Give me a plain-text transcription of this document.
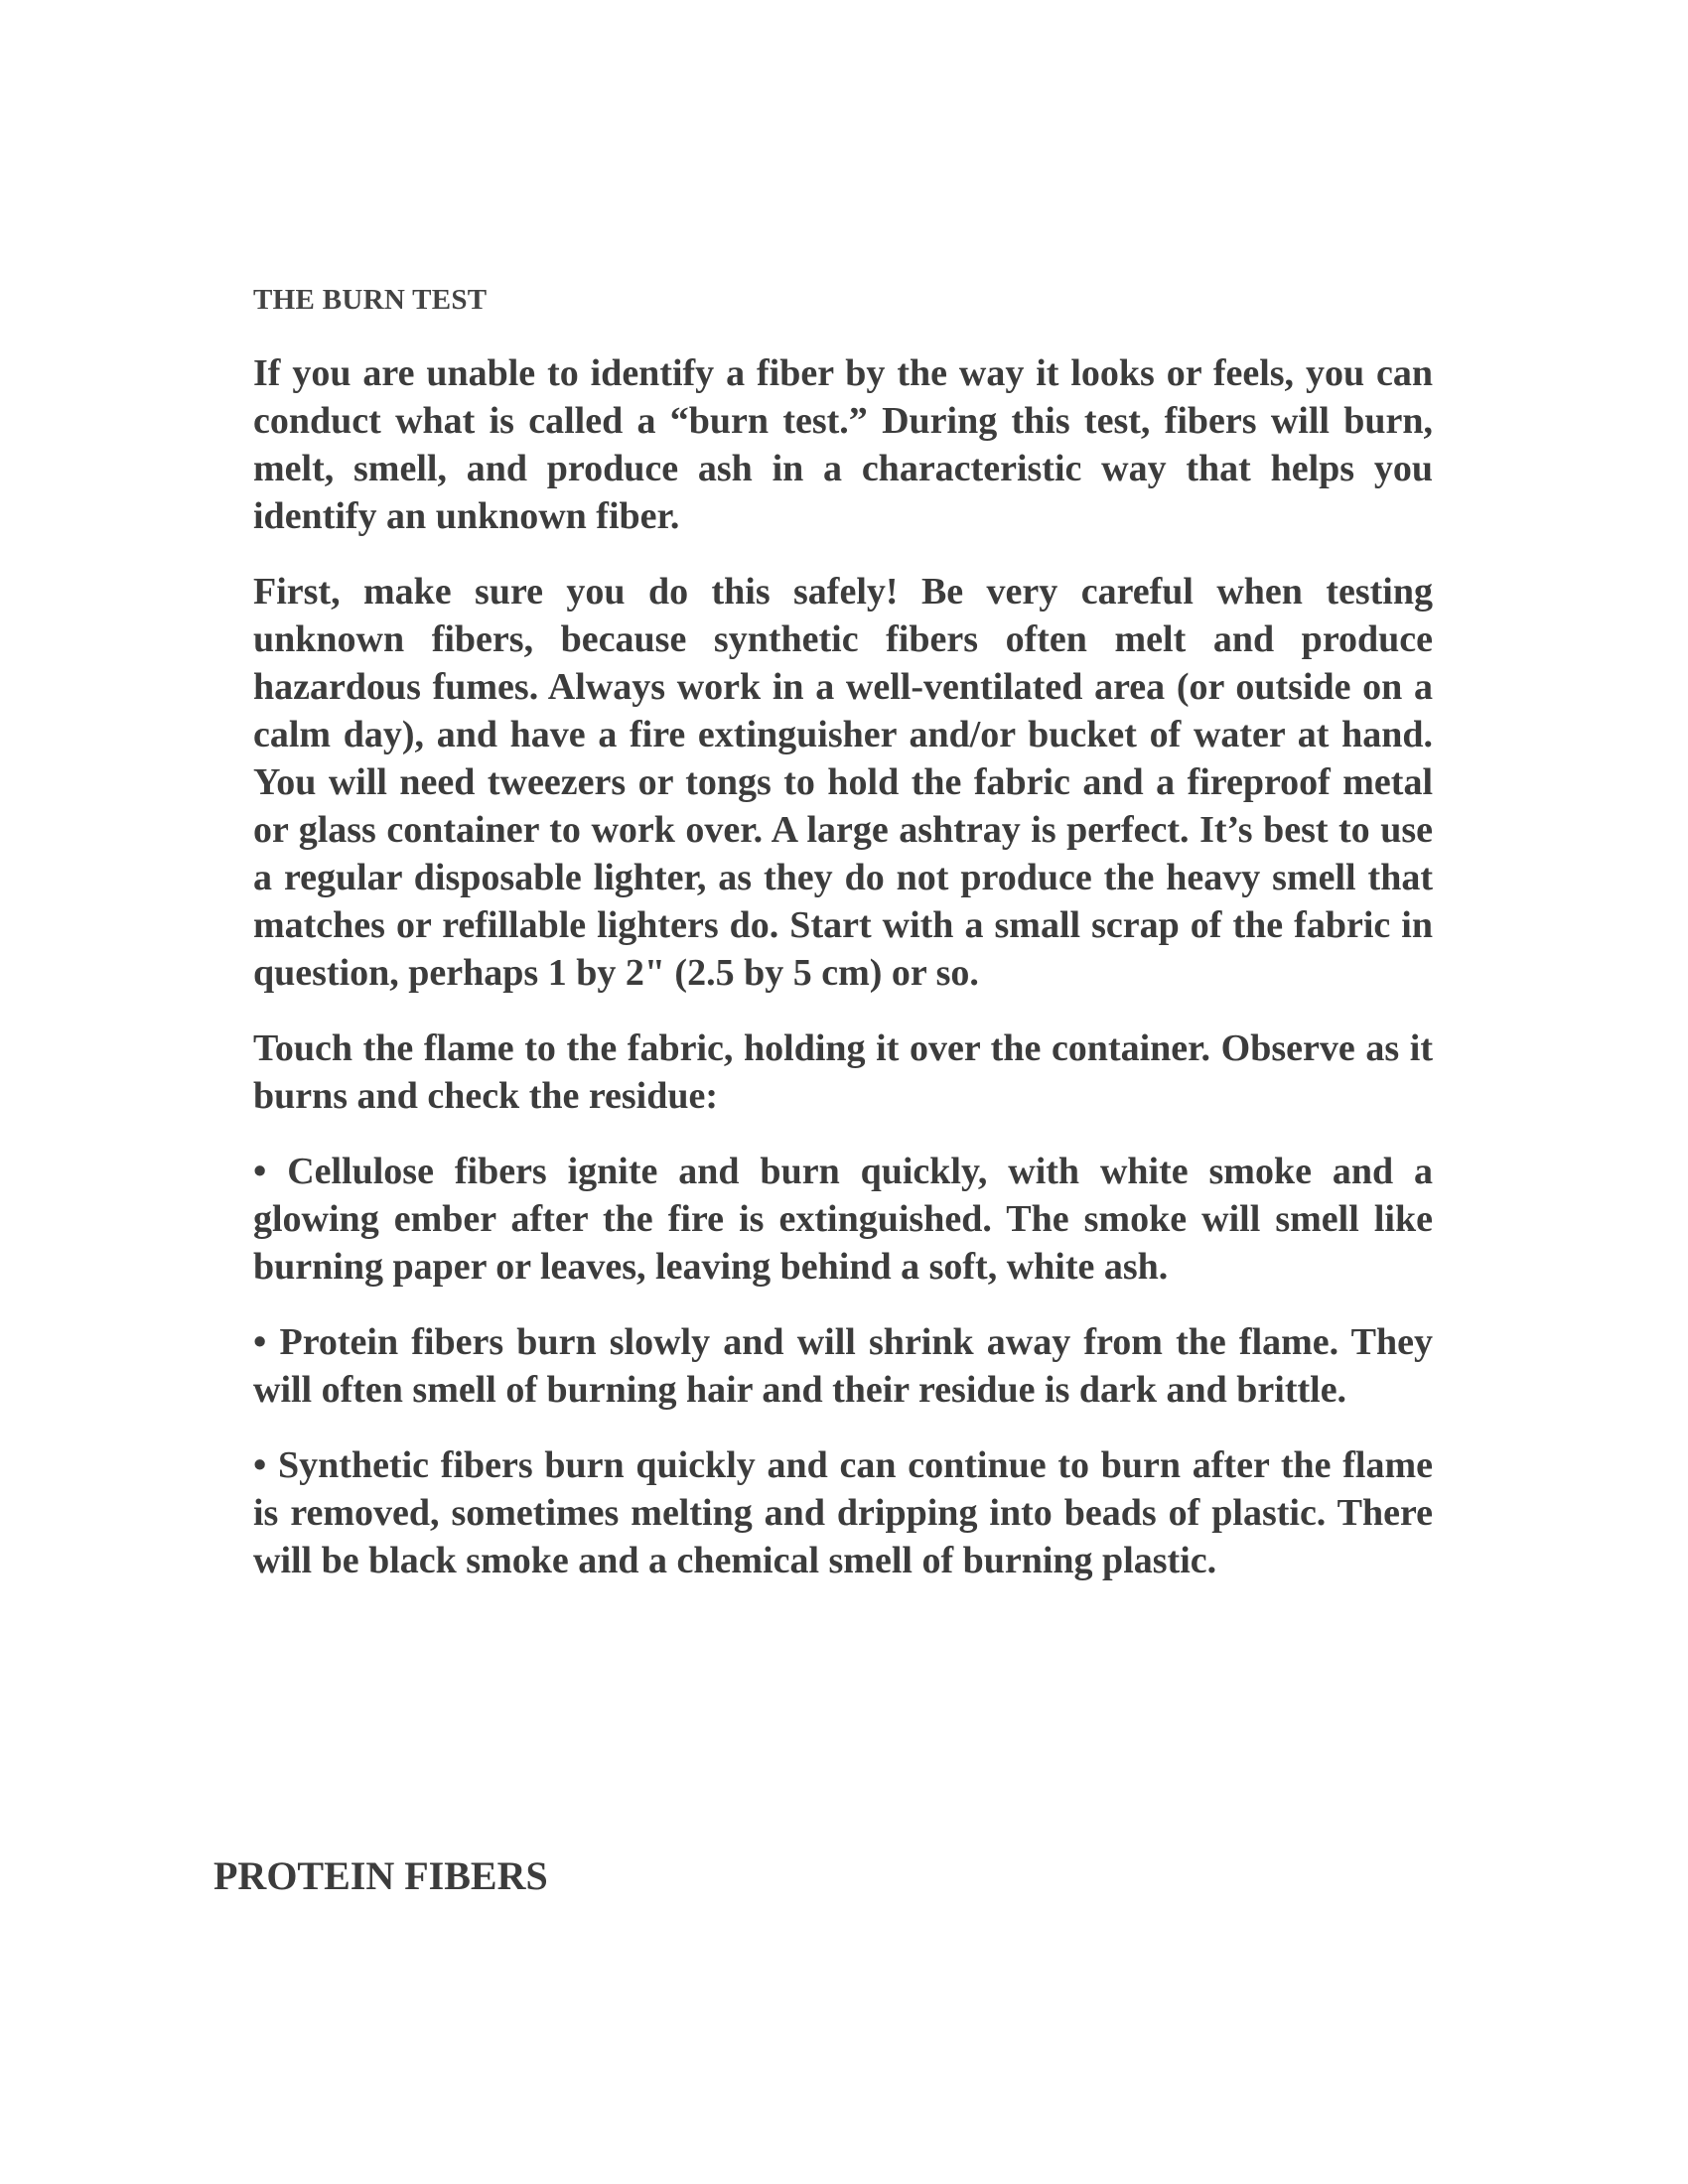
THE BURN TEST

If you are unable to identify a fiber by the way it looks or feels, you can conduct what is called a “burn test.” During this test, fibers will burn, melt, smell, and produce ash in a characteristic way that helps you identify an unknown fiber.

First, make sure you do this safely! Be very careful when testing unknown fibers, because synthetic fibers often melt and produce hazardous fumes. Always work in a well-ventilated area (or outside on a calm day), and have a fire extinguisher and/or bucket of water at hand. You will need tweezers or tongs to hold the fabric and a fireproof metal or glass container to work over. A large ashtray is perfect. It’s best to use a regular disposable lighter, as they do not produce the heavy smell that matches or refillable lighters do. Start with a small scrap of the fabric in question, perhaps 1 by 2" (2.5 by 5 cm) or so.

Touch the flame to the fabric, holding it over the container. Observe as it burns and check the residue:

• Cellulose fibers ignite and burn quickly, with white smoke and a glowing ember after the fire is extinguished. The smoke will smell like burning paper or leaves, leaving behind a soft, white ash.

• Protein fibers burn slowly and will shrink away from the flame. They will often smell of burning hair and their residue is dark and brittle.

• Synthetic fibers burn quickly and can continue to burn after the flame is removed, sometimes melting and dripping into beads of plastic. There will be black smoke and a chemical smell of burning plastic.

PROTEIN FIBERS
